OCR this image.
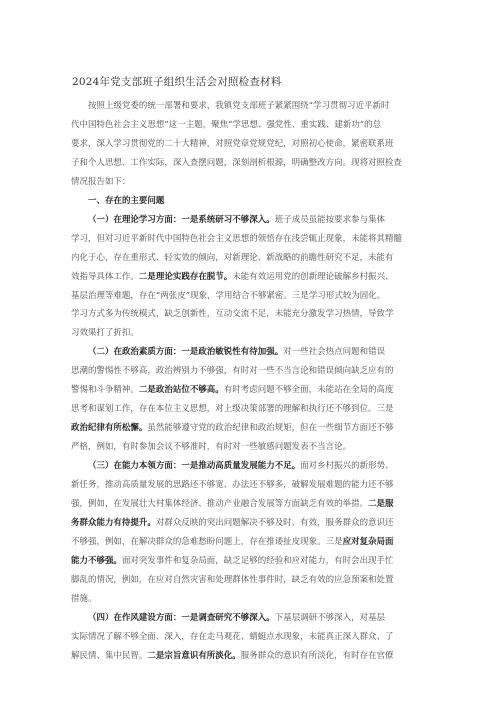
2024年党支部班子组织生活会对照检查材料
按照上级党委的统一部署和要求，我镇党支部班子紧紧围绕“学习贯彻习近平新时
代中国特色社会主义思想”这一主题，聚焦“学思想、强党性、重实践、建新功”的总
要求，深入学习贯彻党的二十大精神，对照党章党规党纪，对照初心使命，紧密联系班
子和个人思想、工作实际，深入查摆问题，深刻剖析根源，明确整改方向。现将对照检查
情况报告如下：
一、存在的主要问题
（一）在理论学习方面：一是系统研习不够深入。班子成员虽能按要求参与集体
学习，但对习近平新时代中国特色社会主义思想的领悟存在浅尝辄止现象，未能将其精髓
内化于心，存在重形式、轻实效的倾向，对新理论、新战略的前瞻性研究不足，未能有
效指导具体工作。二是理论实践存在脱节。未能有效运用党的创新理论破解乡村振兴、
基层治理等难题，存在“两张皮”现象，学用结合不够紧密。三是学习形式较为固化。
学习方式多为传统模式，缺乏创新性，互动交流不足，未能充分激发学习热情，导致学
习效果打了折扣。
（二）在政治素质方面：一是政治敏锐性有待加强。对一些社会热点问题和错误
思潮的警惕性不够高，政治辨别力不够强，有时对一些不当言论和错误倾向缺乏应有的
警惕和斗争精神。二是政治站位不够高。有时考虑问题不够全面，未能站在全局的高度
思考和谋划工作，存在本位主义思想，对上级决策部署的理解和执行还不够到位。三是
政治纪律有所松懈。虽然能够遵守党的政治纪律和政治规矩，但在一些细节方面还不够
严格，例如，有时参加会议不够准时，有时对一些敏感问题发表不当言论。
（三）在能力本领方面：一是推动高质量发展能力不足。面对乡村振兴的新形势、
新任务，推动高质量发展的思路还不够宽、办法还不够多，破解发展难题的能力还不够
强，例如，在发展壮大村集体经济、推动产业融合发展等方面缺乏有效的举措。二是服
务群众能力有待提升。对群众反映的突出问题解决不够及时、有效，服务群众的意识还
不够强，例如，在解决群众的急难愁盼问题上，存在推诿扯皮现象。三是应对复杂局面
能力不够强。面对突发事件和复杂局面，缺乏足够的经验和应对能力，有时会出现手忙
脚乱的情况，例如，在应对自然灾害和处理群体性事件时，缺乏有效的应急预案和处置
措施。
（四）在作风建设方面：一是调查研究不够深入。下基层调研不够深入，对基层
实际情况了解不够全面、深入，存在走马观花、蜻蜓点水现象，未能真正深入群众、了
解民情、集中民智。二是宗旨意识有所淡化。服务群众的意识有所淡化，有时存在官僚
